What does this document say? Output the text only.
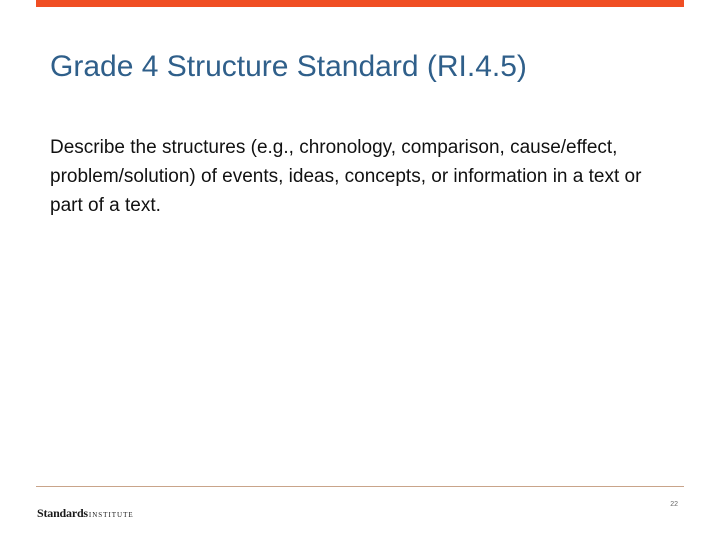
Grade 4 Structure Standard (RI.4.5)

Describe the structures (e.g., chronology, comparison, cause/effect, problem/solution) of events, ideas, concepts, or information in a text or part of a text.

StandardsINSTITUTE
22
